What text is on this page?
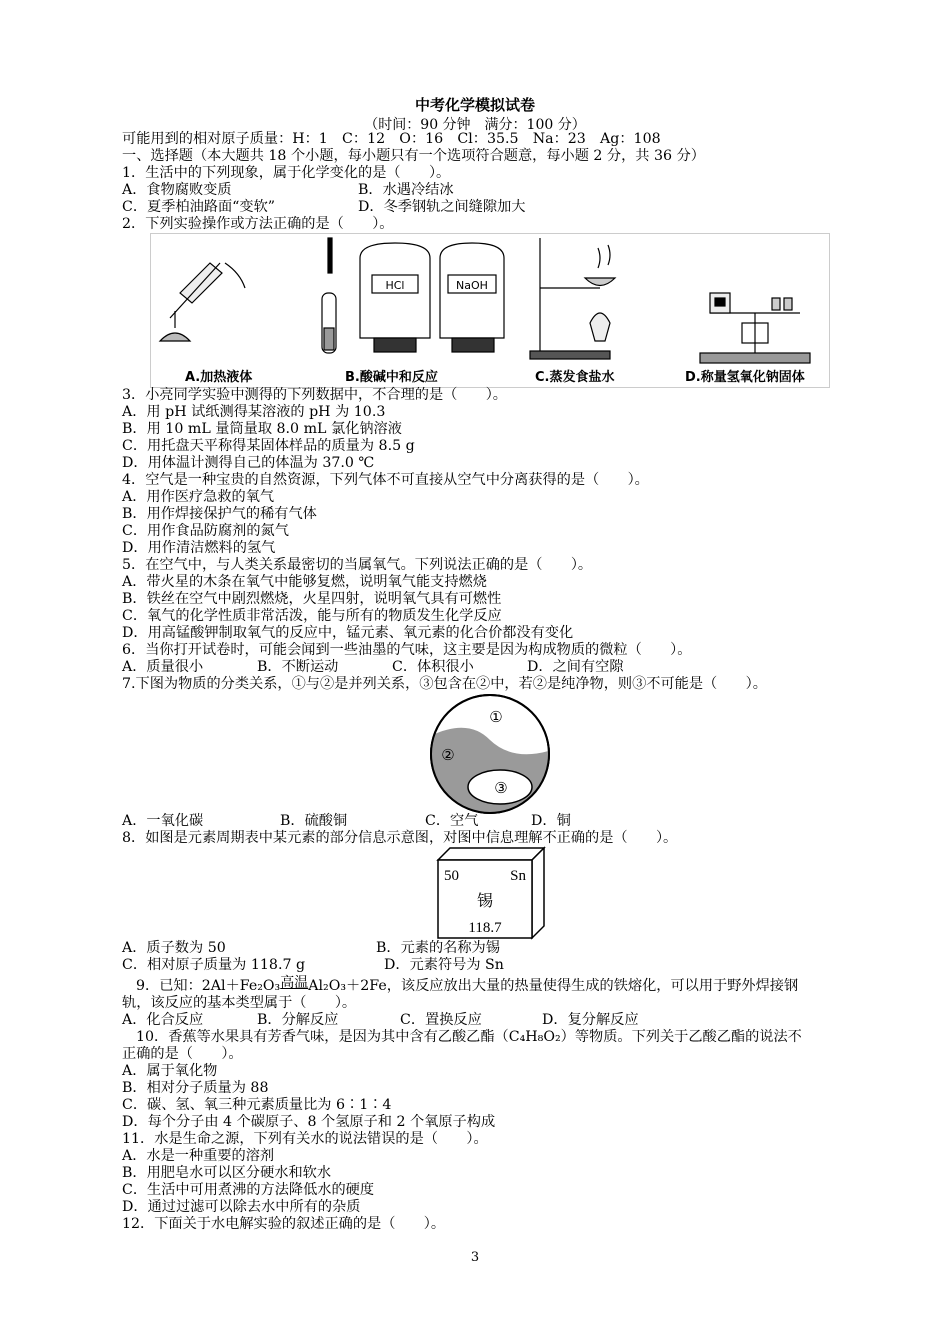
中考化学模拟试卷
（时间：90 分钟　满分：100 分）
可能用到的相对原子质量：H：1　C：12　O：16　Cl：35.5　Na：23　Ag：108
一、选择题（本大题共 18 个小题，每小题只有一个选项符合题意，每小题 2 分，共 36 分）
1．生活中的下列现象，属于化学变化的是（　　）。
A．食物腐败变质	B．水遇冷结冰
C．夏季柏油路面“变软”	D．冬季钢轨之间缝隙加大
2．下列实验操作或方法正确的是（　　）。
HCl	NaOH
A.加热液体	B.酸碱中和反应	C.蒸发食盐水	D.称量氢氧化钠固体
3．小亮同学实验中测得的下列数据中，不合理的是（　　）。
A．用 pH 试纸测得某溶液的 pH 为 10.3
B．用 10 mL 量筒量取 8.0 mL 氯化钠溶液
C．用托盘天平称得某固体样品的质量为 8.5 g
D．用体温计测得自己的体温为 37.0 ℃
4．空气是一种宝贵的自然资源，下列气体不可直接从空气中分离获得的是（　　）。
A．用作医疗急救的氧气
B．用作焊接保护气的稀有气体
C．用作食品防腐剂的氮气
D．用作清洁燃料的氢气
5．在空气中，与人类关系最密切的当属氧气。下列说法正确的是（　　）。
A．带火星的木条在氧气中能够复燃，说明氧气能支持燃烧
B．铁丝在空气中剧烈燃烧，火星四射，说明氧气具有可燃性
C．氧气的化学性质非常活泼，能与所有的物质发生化学反应
D．用高锰酸钾制取氧气的反应中，锰元素、氧元素的化合价都没有变化
6．当你打开试卷时，可能会闻到一些油墨的气味，这主要是因为构成物质的微粒（　　）。
A．质量很小	B．不断运动	C．体积很小	D．之间有空隙
7.下图为物质的分类关系，①与②是并列关系，③包含在②中，若②是纯净物，则③不可能是（　　）。
①
②
③
A．一氧化碳	B．硫酸铜	C．空气	D．铜
8．如图是元素周期表中某元素的部分信息示意图，对图中信息理解不正确的是（　　）。
50	Sn
锡
118.7
A．质子数为 50	B．元素的名称为锡
C．相对原子质量为 118.7 g	D．元素符号为 Sn
9．已知：2Al＋Fe₂O₃高温Al₂O₃＋2Fe，该反应放出大量的热量使得生成的铁熔化，可以用于野外焊接钢
轨，该反应的基本类型属于（　　）。
A．化合反应	B．分解反应	C．置换反应	D．复分解反应
10．香蕉等水果具有芳香气味，是因为其中含有乙酸乙酯（C₄H₈O₂）等物质。下列关于乙酸乙酯的说法不
正确的是（　　）。
A．属于氧化物
B．相对分子质量为 88
C．碳、氢、氧三种元素质量比为 6∶1∶4
D．每个分子由 4 个碳原子、8 个氢原子和 2 个氧原子构成
11．水是生命之源，下列有关水的说法错误的是（　　）。
A．水是一种重要的溶剂
B．用肥皂水可以区分硬水和软水
C．生活中可用煮沸的方法降低水的硬度
D．通过过滤可以除去水中所有的杂质
12．下面关于水电解实验的叙述正确的是（　　）。
3
